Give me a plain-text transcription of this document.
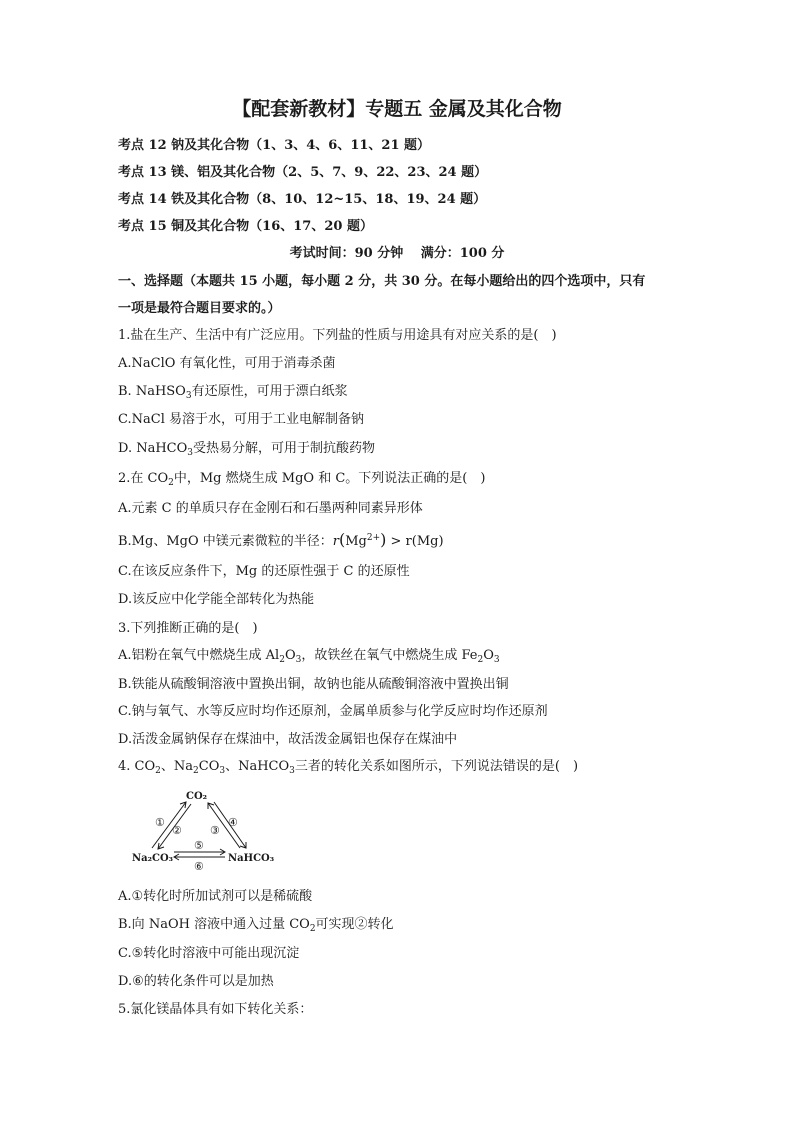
【配套新教材】专题五 金属及其化合物
考点 12 钠及其化合物（1、3、4、6、11、21 题）
考点 13 镁、铝及其化合物（2、5、7、9、22、23、24 题）
考点 14 铁及其化合物（8、10、12~15、18、19、24 题）
考点 15 铜及其化合物（16、17、20 题）
考试时间：90 分钟　 满分：100 分
一、选择题（本题共 15 小题，每小题 2 分，共 30 分。在每小题给出的四个选项中，只有
一项是最符合题目要求的。）
1.盐在生产、生活中有广泛应用。下列盐的性质与用途具有对应关系的是(　)
A.NaClO 有氧化性，可用于消毒杀菌
B. NaHSO$_3$有还原性，可用于漂白纸浆
C.NaCl 易溶于水，可用于工业电解制备钠
D. NaHCO$_3$受热易分解，可用于制抗酸药物
2.在 $CO_2$中，Mg 燃烧生成 MgO 和 C。下列说法正确的是(　)
A.元素 C 的单质只存在金刚石和石墨两种同素异形体
B.Mg、MgO 中镁元素微粒的半径：$r(Mg^{2+}) > r(Mg)$
C.在该反应条件下，Mg 的还原性强于 C 的还原性
D.该反应中化学能全部转化为热能
3.下列推断正确的是(　)
A.铝粉在氧气中燃烧生成 $Al_2O_3$，故铁丝在氧气中燃烧生成 $Fe_2O_3$
B.铁能从硫酸铜溶液中置换出铜，故钠也能从硫酸铜溶液中置换出铜
C.钠与氧气、水等反应时均作还原剂，金属单质参与化学反应时均作还原剂
D.活泼金属钠保存在煤油中，故活泼金属铝也保存在煤油中
4. $CO_2$、$Na_2CO_3$、NaHCO$_3$三者的转化关系如图所示，下列说法错误的是(　)
CO₂
Na₂CO₃	NaHCO₃
①
②	③
④
⑤
⑥
A.①转化时所加试剂可以是稀硫酸
B.向 NaOH 溶液中通入过量 $CO_2$可实现②转化
C.⑤转化时溶液中可能出现沉淀
D.⑥的转化条件可以是加热
5.氯化镁晶体具有如下转化关系：
